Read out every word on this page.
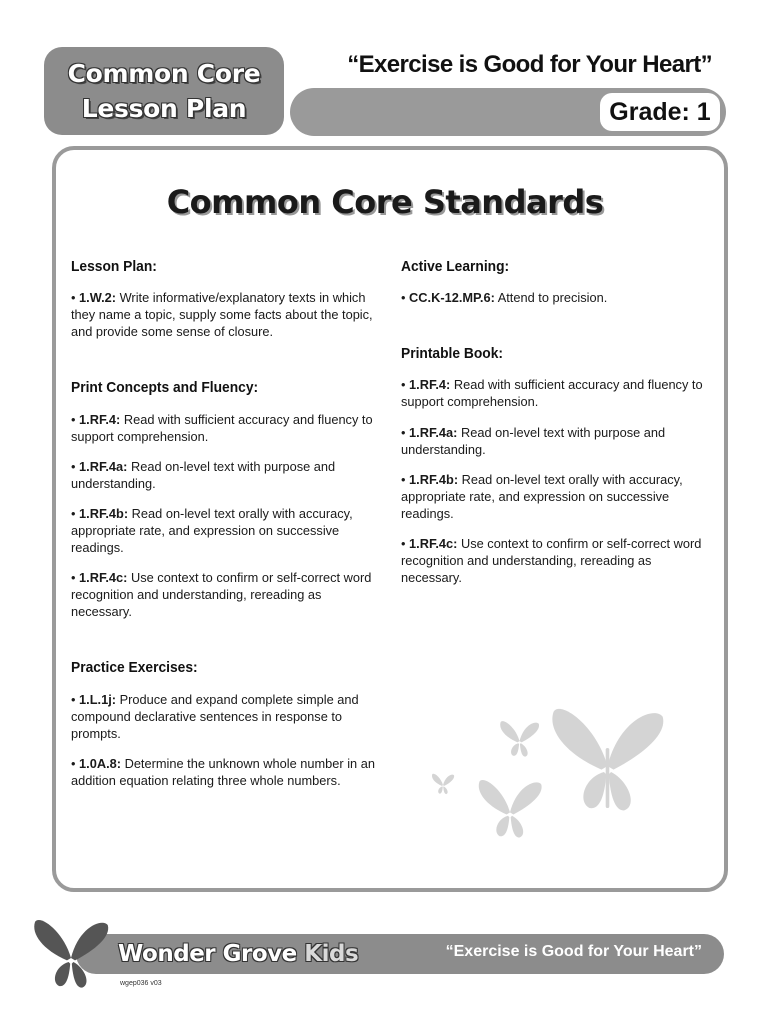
Common Core
Lesson Plan
“Exercise is Good for Your Heart”
Grade: 1
Common Core Standards
Lesson Plan:
• 1.W.2: Write informative/explanatory texts in which they name a topic, supply some facts about the topic, and provide some sense of closure.
Print Concepts and Fluency:
• 1.RF.4: Read with sufficient accuracy and fluency to support comprehension.
• 1.RF.4a: Read on-level text with purpose and understanding.
• 1.RF.4b: Read on-level text orally with accuracy, appropriate rate, and expression on successive readings.
• 1.RF.4c: Use context to confirm or self-correct word recognition and understanding, rereading as necessary.
Practice Exercises:
• 1.L.1j: Produce and expand complete simple and compound declarative sentences in response to prompts.
• 1.0A.8: Determine the unknown whole number in an addition equation relating three whole numbers.
Active Learning:
• CC.K-12.MP.6: Attend to precision.
Printable Book:
• 1.RF.4: Read with sufficient accuracy and fluency to support comprehension.
• 1.RF.4a: Read on-level text with purpose and understanding.
• 1.RF.4b: Read on-level text orally with accuracy, appropriate rate, and expression on successive readings.
• 1.RF.4c: Use context to confirm or self-correct word recognition and understanding, rereading as necessary.
Wonder Grove Kids	“Exercise is Good for Your Heart”
wgep036 v03
